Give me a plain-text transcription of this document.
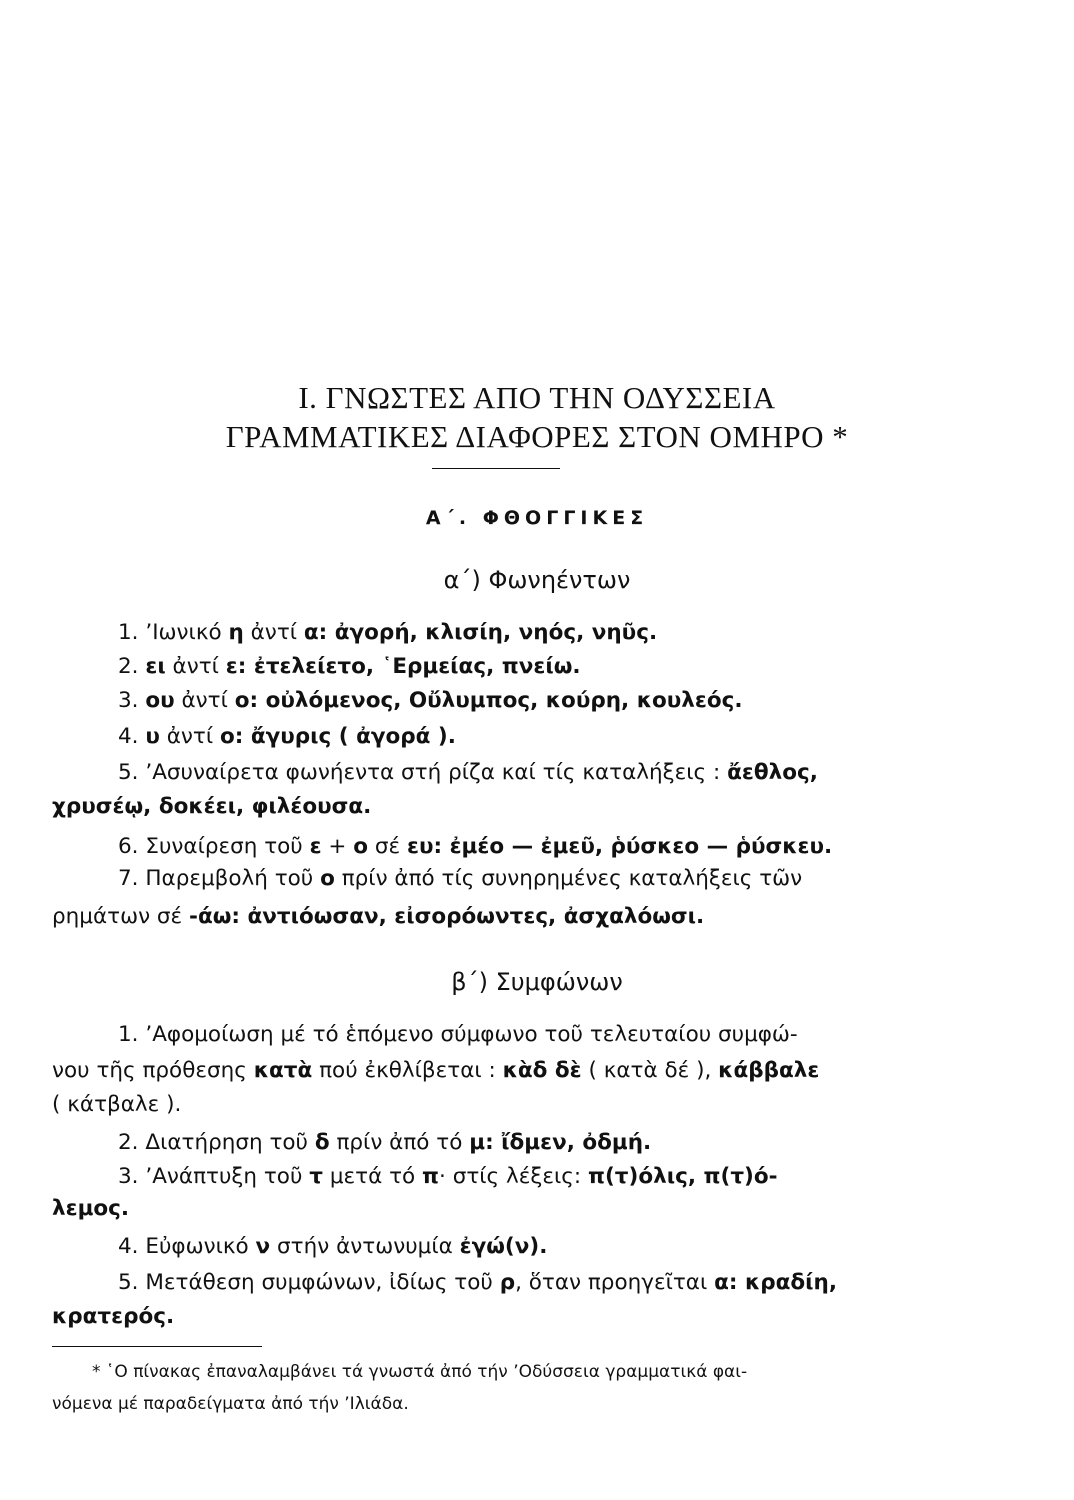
I. ΓΝΩΣΤΕΣ ΑΠΟ ΤΗΝ ΟΔΥΣΣΕΙΑ
ΓΡΑΜΜΑΤΙΚΕΣ ΔΙΑΦΟΡΕΣ ΣΤΟΝ ΟΜΗΡΟ *
Α΄. ΦΘΟΓΓΙΚΕΣ
α΄) Φωνηέντων
1. ’Ιωνικό η ἀντί α: ἀγορή, κλισίη, νηός, νηῦς.
2. ει ἀντί ε: ἐτελείετο, ῾Ερμείας, πνείω.
3. ου ἀντί ο: οὐλόμενος, Οὔλυμπος, κούρη, κουλεός.
4. υ ἀντί ο: ἄγυρις ( ἀγορά ).
5. ’Ασυναίρετα φωνήεντα στή ρίζα καί τίς καταλήξεις : ἄεθλος,
χρυσέῳ, δοκέει, φιλέουσα.
6. Συναίρεση τοῦ ε + ο σέ ευ: ἐμέο — ἐμεῦ, ῥύσκεο — ῥύσκευ.
7. Παρεμβολή τοῦ ο πρίν ἀπό τίς συνηρημένες καταλήξεις τῶν
ρημάτων σέ -άω: ἀντιόωσαν, εἰσορόωντες, ἀσχαλόωσι.
β΄) Συμφώνων
1. ’Αφομοίωση μέ τό ἑπόμενο σύμφωνο τοῦ τελευταίου συμφώ-
νου τῆς πρόθεσης κατὰ πού ἐκθλίβεται : κὰδ δὲ ( κατὰ δέ ), κάββαλε
( κάτβαλε ).
2. Διατήρηση τοῦ δ πρίν ἀπό τό μ: ἴδμεν, ὀδμή.
3. ’Ανάπτυξη τοῦ τ μετά τό π· στίς λέξεις: π(τ)όλις, π(τ)ό-
λεμος.
4. Εὐφωνικό ν στήν ἀντωνυμία ἐγώ(ν).
5. Μετάθεση συμφώνων, ἰδίως τοῦ ρ, ὅταν προηγεῖται α: κραδίη,
κρατερός.
* ῾Ο πίνακας ἐπαναλαμβάνει τά γνωστά ἀπό τήν ’Οδύσσεια γραμματικά φαι-
νόμενα μέ παραδείγματα ἀπό τήν ’Ιλιάδα.
